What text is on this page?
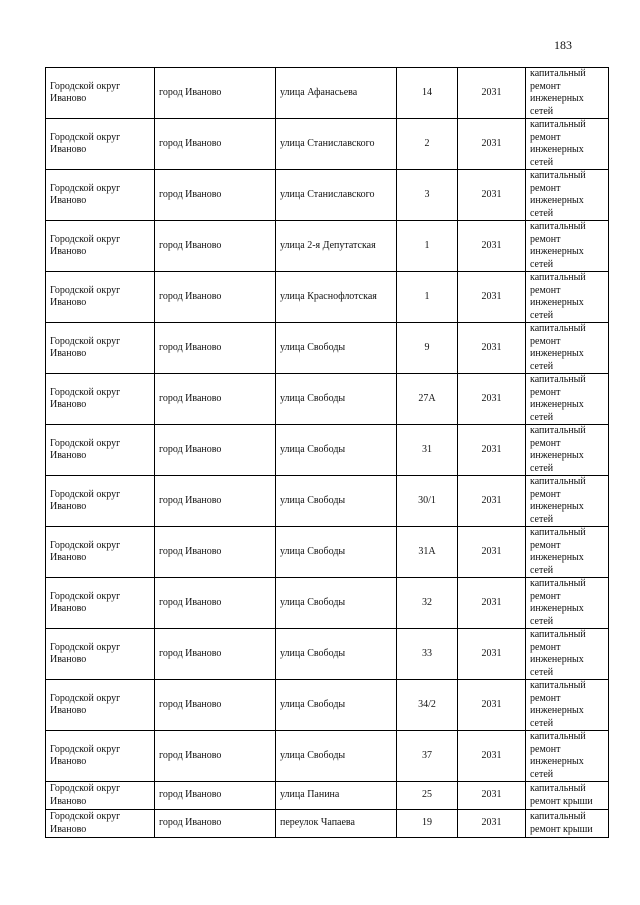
183
Городской округ Иваново	город Иваново	улица Афанасьева	14	2031	капитальный ремонт инженерных сетей
Городской округ Иваново	город Иваново	улица Станиславского	2	2031	капитальный ремонт инженерных сетей
Городской округ Иваново	город Иваново	улица Станиславского	3	2031	капитальный ремонт инженерных сетей
Городской округ Иваново	город Иваново	улица 2-я Депутатская	1	2031	капитальный ремонт инженерных сетей
Городской округ Иваново	город Иваново	улица Краснофлотская	1	2031	капитальный ремонт инженерных сетей
Городской округ Иваново	город Иваново	улица Свободы	9	2031	капитальный ремонт инженерных сетей
Городской округ Иваново	город Иваново	улица Свободы	27А	2031	капитальный ремонт инженерных сетей
Городской округ Иваново	город Иваново	улица Свободы	31	2031	капитальный ремонт инженерных сетей
Городской округ Иваново	город Иваново	улица Свободы	30/1	2031	капитальный ремонт инженерных сетей
Городской округ Иваново	город Иваново	улица Свободы	31А	2031	капитальный ремонт инженерных сетей
Городской округ Иваново	город Иваново	улица Свободы	32	2031	капитальный ремонт инженерных сетей
Городской округ Иваново	город Иваново	улица Свободы	33	2031	капитальный ремонт инженерных сетей
Городской округ Иваново	город Иваново	улица Свободы	34/2	2031	капитальный ремонт инженерных сетей
Городской округ Иваново	город Иваново	улица Свободы	37	2031	капитальный ремонт инженерных сетей
Городской округ Иваново	город Иваново	улица Панина	25	2031	капитальный ремонт крыши
Городской округ Иваново	город Иваново	переулок Чапаева	19	2031	капитальный ремонт крыши
